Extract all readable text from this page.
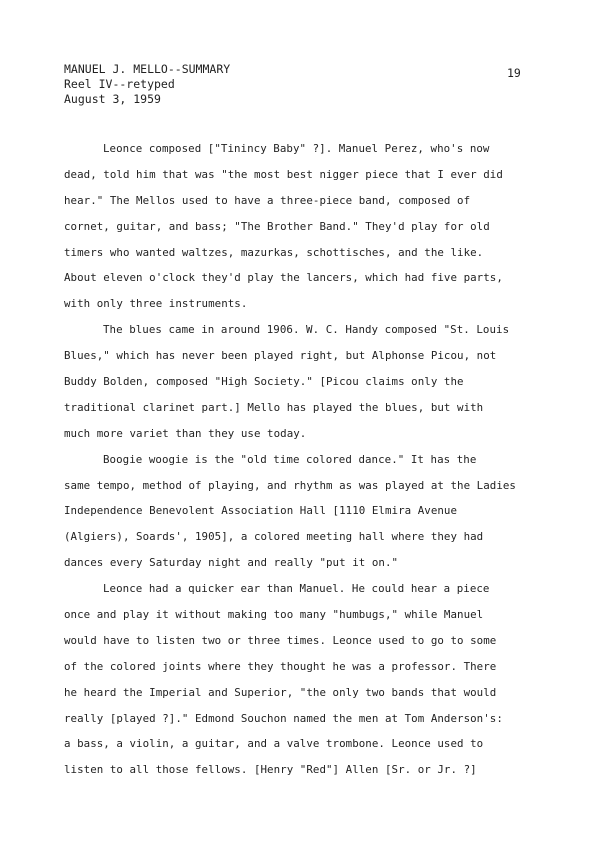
MANUEL J. MELLO--SUMMARY
Reel IV--retyped
August 3, 1959
19
Leonce composed ["Tinincy Baby" ?]. Manuel Perez, who's now
dead, told him that was "the most best nigger piece that I ever did
hear." The Mellos used to have a three-piece band, composed of
cornet, guitar, and bass; "The Brother Band." They'd play for old
timers who wanted waltzes, mazurkas, schottisches, and the like.
About eleven o'clock they'd play the lancers, which had five parts,
with only three instruments.
The blues came in around 1906. W. C. Handy composed "St. Louis
Blues," which has never been played right, but Alphonse Picou, not
Buddy Bolden, composed "High Society." [Picou claims only the
traditional clarinet part.] Mello has played the blues, but with
much more variet than they use today.
Boogie woogie is the "old time colored dance." It has the
same tempo, method of playing, and rhythm as was played at the Ladies
Independence Benevolent Association Hall [1110 Elmira Avenue
(Algiers), Soards', 1905], a colored meeting hall where they had
dances every Saturday night and really "put it on."
Leonce had a quicker ear than Manuel. He could hear a piece
once and play it without making too many "humbugs," while Manuel
would have to listen two or three times. Leonce used to go to some
of the colored joints where they thought he was a professor. There
he heard the Imperial and Superior, "the only two bands that would
really [played ?]." Edmond Souchon named the men at Tom Anderson's:
a bass, a violin, a guitar, and a valve trombone. Leonce used to
listen to all those fellows. [Henry "Red"] Allen [Sr. or Jr. ?]
